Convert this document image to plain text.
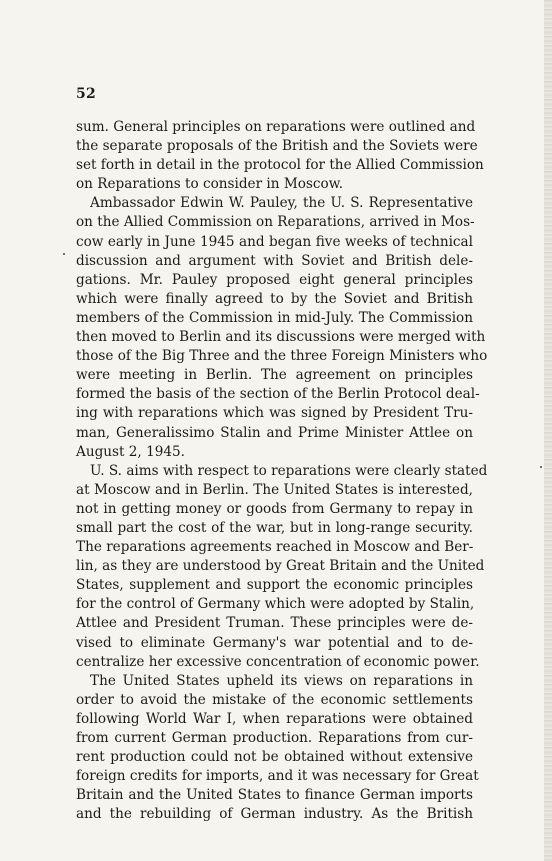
52
sum. General principles on reparations were outlined and
the separate proposals of the British and the Soviets were
set forth in detail in the protocol for the Allied Commission
on Reparations to consider in Moscow.
Ambassador Edwin W. Pauley, the U. S. Representative
on the Allied Commission on Reparations, arrived in Mos-
cow early in June 1945 and began five weeks of technical
discussion and argument with Soviet and British dele-
gations. Mr. Pauley proposed eight general principles
which were finally agreed to by the Soviet and British
members of the Commission in mid-July. The Commission
then moved to Berlin and its discussions were merged with
those of the Big Three and the three Foreign Ministers who
were meeting in Berlin. The agreement on principles
formed the basis of the section of the Berlin Protocol deal-
ing with reparations which was signed by President Tru-
man, Generalissimo Stalin and Prime Minister Attlee on
August 2, 1945.
U. S. aims with respect to reparations were clearly stated
at Moscow and in Berlin. The United States is interested,
not in getting money or goods from Germany to repay in
small part the cost of the war, but in long-range security.
The reparations agreements reached in Moscow and Ber-
lin, as they are understood by Great Britain and the United
States, supplement and support the economic principles
for the control of Germany which were adopted by Stalin,
Attlee and President Truman. These principles were de-
vised to eliminate Germany's war potential and to de-
centralize her excessive concentration of economic power.
The United States upheld its views on reparations in
order to avoid the mistake of the economic settlements
following World War I, when reparations were obtained
from current German production. Reparations from cur-
rent production could not be obtained without extensive
foreign credits for imports, and it was necessary for Great
Britain and the United States to finance German imports
and the rebuilding of German industry. As the British
